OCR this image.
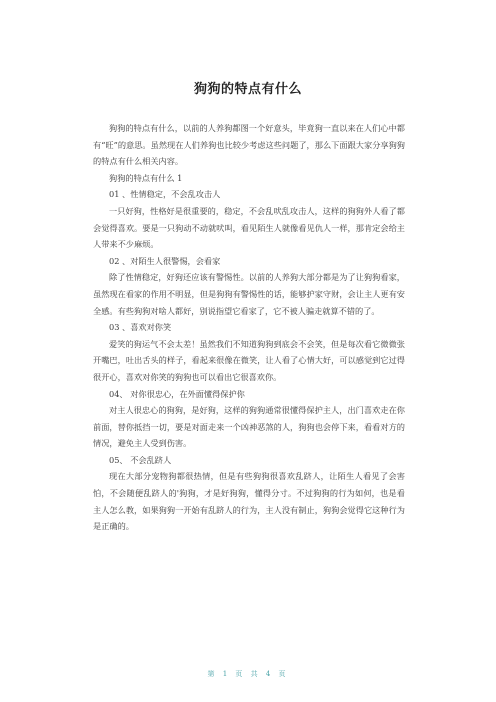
狗狗的特点有什么

狗狗的特点有什么，以前的人养狗都图一个好意头，毕竟狗一直以来在人们心中都有“旺”的意思。虽然现在人们养狗也比较少考虑这些问题了，那么下面跟大家分享狗狗的特点有什么相关内容。

狗狗的特点有什么 1

01 、性情稳定，不会乱攻击人

一只好狗，性格好是很重要的，稳定，不会乱吠乱攻击人，这样的狗狗外人看了都会觉得喜欢。要是一只狗动不动就吠叫，看见陌生人就像看见仇人一样，那肯定会给主人带来不少麻烦。

02 、对陌生人很警惕，会看家

除了性情稳定，好狗还应该有警惕性。以前的人养狗大部分都是为了让狗狗看家，虽然现在看家的作用不明显，但是狗狗有警惕性的话，能够护家守财，会让主人更有安全感。有些狗狗对啥人都好，别说指望它看家了，它不被人骗走就算不错的了。

03 、喜欢对你笑

爱笑的狗运气不会太差！虽然我们不知道狗狗到底会不会笑，但是每次看它微微张开嘴巴，吐出舌头的样子，看起来很像在微笑，让人看了心情大好，可以感觉到它过得很开心，喜欢对你笑的狗狗也可以看出它很喜欢你。

04、 对你很忠心，在外面懂得保护你

对主人很忠心的狗狗，是好狗，这样的狗狗通常很懂得保护主人，出门喜欢走在你前面，替你抵挡一切，要是对面走来一个凶神恶煞的人，狗狗也会停下来，看看对方的情况，避免主人受到伤害。

05、 不会乱跻人

现在大部分宠物狗都很热情，但是有些狗狗很喜欢乱跻人，让陌生人看见了会害怕，不会随便乱跻人的'狗狗，才是好狗狗，懂得分寸。不过狗狗的行为如何，也是看主人怎么教，如果狗狗一开始有乱跻人的行为，主人没有制止，狗狗会觉得它这种行为是正确的。

第 1 页 共 4 页
